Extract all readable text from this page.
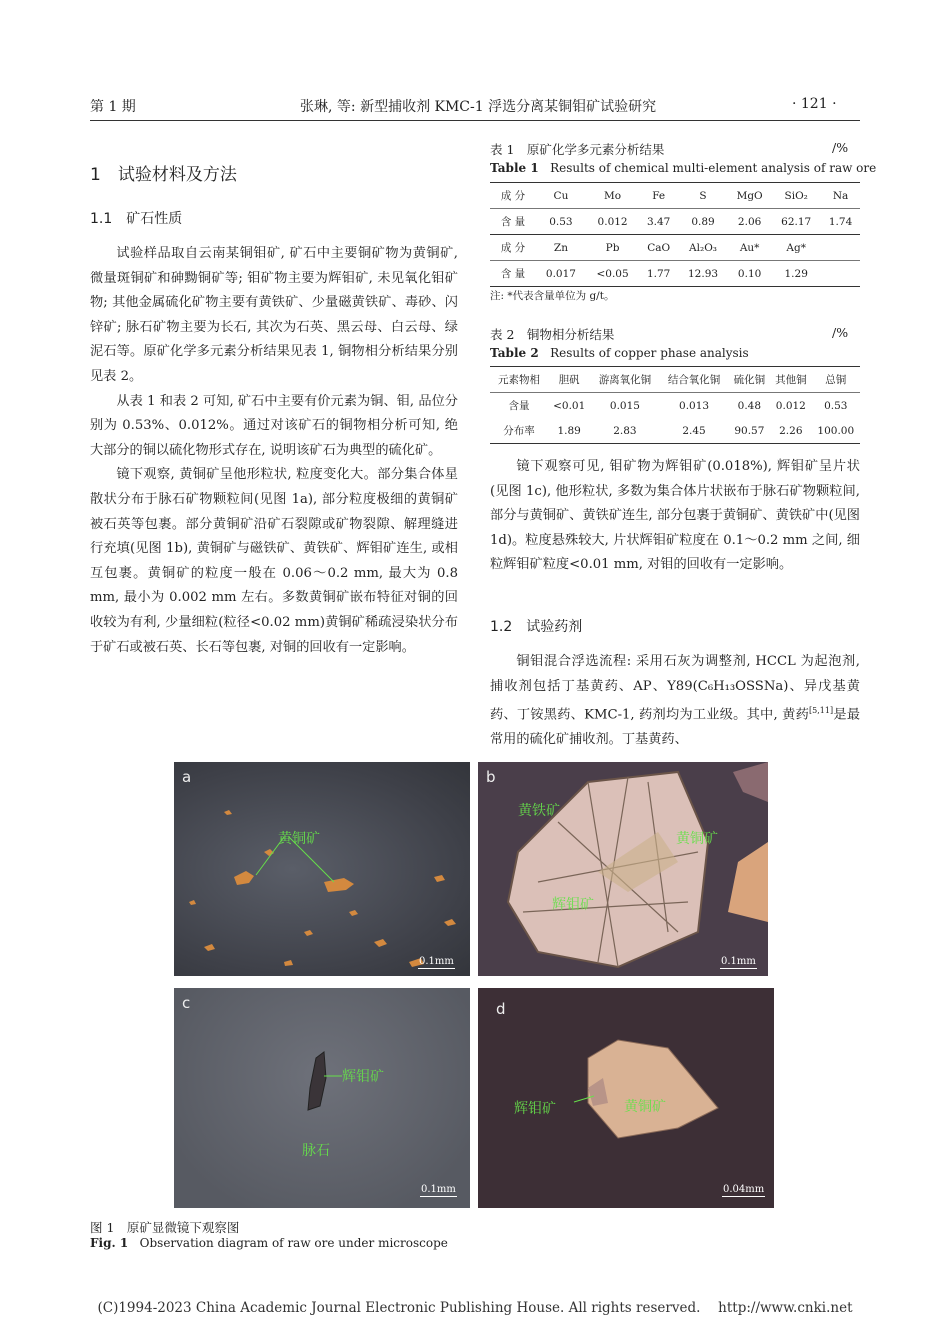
第 1 期	张琳, 等: 新型捕收剂 KMC-1 浮选分离某铜钼矿试验研究	· 121 ·
1　试验材料及方法
1.1　矿石性质

试验样品取自云南某铜钼矿, 矿石中主要铜矿物为黄铜矿, 微量斑铜矿和砷黝铜矿等; 钼矿物主要为辉钼矿, 未见氧化钼矿物; 其他金属硫化矿物主要有黄铁矿、少量磁黄铁矿、毒砂、闪锌矿; 脉石矿物主要为长石, 其次为石英、黑云母、白云母、绿泥石等。原矿化学多元素分析结果见表 1, 铜物相分析结果分别见表 2。

从表 1 和表 2 可知, 矿石中主要有价元素为铜、钼, 品位分别为 0.53%、0.012%。通过对该矿石的铜物相分析可知, 绝大部分的铜以硫化物形式存在, 说明该矿石为典型的硫化矿。

镜下观察, 黄铜矿呈他形粒状, 粒度变化大。部分集合体星散状分布于脉石矿物颗粒间(见图 1a), 部分粒度极细的黄铜矿被石英等包裹。部分黄铜矿沿矿石裂隙或矿物裂隙、解理缝进行充填(见图 1b), 黄铜矿与磁铁矿、黄铁矿、辉钼矿连生, 或相互包裹。黄铜矿的粒度一般在 0.06～0.2 mm, 最大为 0.8 mm, 最小为 0.002 mm 左右。多数黄铜矿嵌布特征对铜的回收较为有利, 少量细粒(粒径<0.02 mm)黄铜矿稀疏浸染状分布于矿石或被石英、长石等包裹, 对铜的回收有一定影响。

表 1　原矿化学多元素分析结果	/%
Table 1 Results of chemical multi-element analysis of raw ore
成 分	Cu	Mo	Fe	S	MgO	SiO₂	Na
含 量	0.53	0.012	3.47	0.89	2.06	62.17	1.74
成 分	Zn	Pb	CaO	Al₂O₃	Au*	Ag*	
含 量	0.017	<0.05	1.77	12.93	0.10	1.29	
注: *代表含量单位为 g/t。
表 2　铜物相分析结果	/%
Table 2 Results of copper phase analysis
元素物相	胆矾	游离氧化铜	结合氧化铜	硫化铜	其他铜	总铜
含量	<0.01	0.015	0.013	0.48	0.012	0.53
分布率	1.89	2.83	2.45	90.57	2.26	100.00

镜下观察可见, 钼矿物为辉钼矿(0.018%), 辉钼矿呈片状(见图 1c), 他形粒状, 多数为集合体片状嵌布于脉石矿物颗粒间, 部分与黄铜矿、黄铁矿连生, 部分包裹于黄铜矿、黄铁矿中(见图 1d)。粒度悬殊较大, 片状辉钼矿粒度在 0.1～0.2 mm 之间, 细粒辉钼矿粒度<0.01 mm, 对钼的回收有一定影响。

1.2　试验药剂

铜钼混合浮选流程: 采用石灰为调整剂, HCCL 为起泡剂, 捕收剂包括丁基黄药、AP、Y89(C₆H₁₃OSSNa)、异戊基黄药、丁铵黑药、KMC-1, 药剂均为工业级。其中, 黄药[5,11]是最常用的硫化矿捕收剂。丁基黄药、

a
黄铜矿
0.1mm
b
黄铁矿
黄铜矿
辉钼矿
0.1mm
c
辉钼矿
脉石
0.1mm
d
辉钼矿	黄铜矿
0.04mm
图 1　原矿显微镜下观察图
Fig. 1 Observation diagram of raw ore under microscope
(C)1994-2023 China Academic Journal Electronic Publishing House. All rights reserved.　 http://www.cnki.net
